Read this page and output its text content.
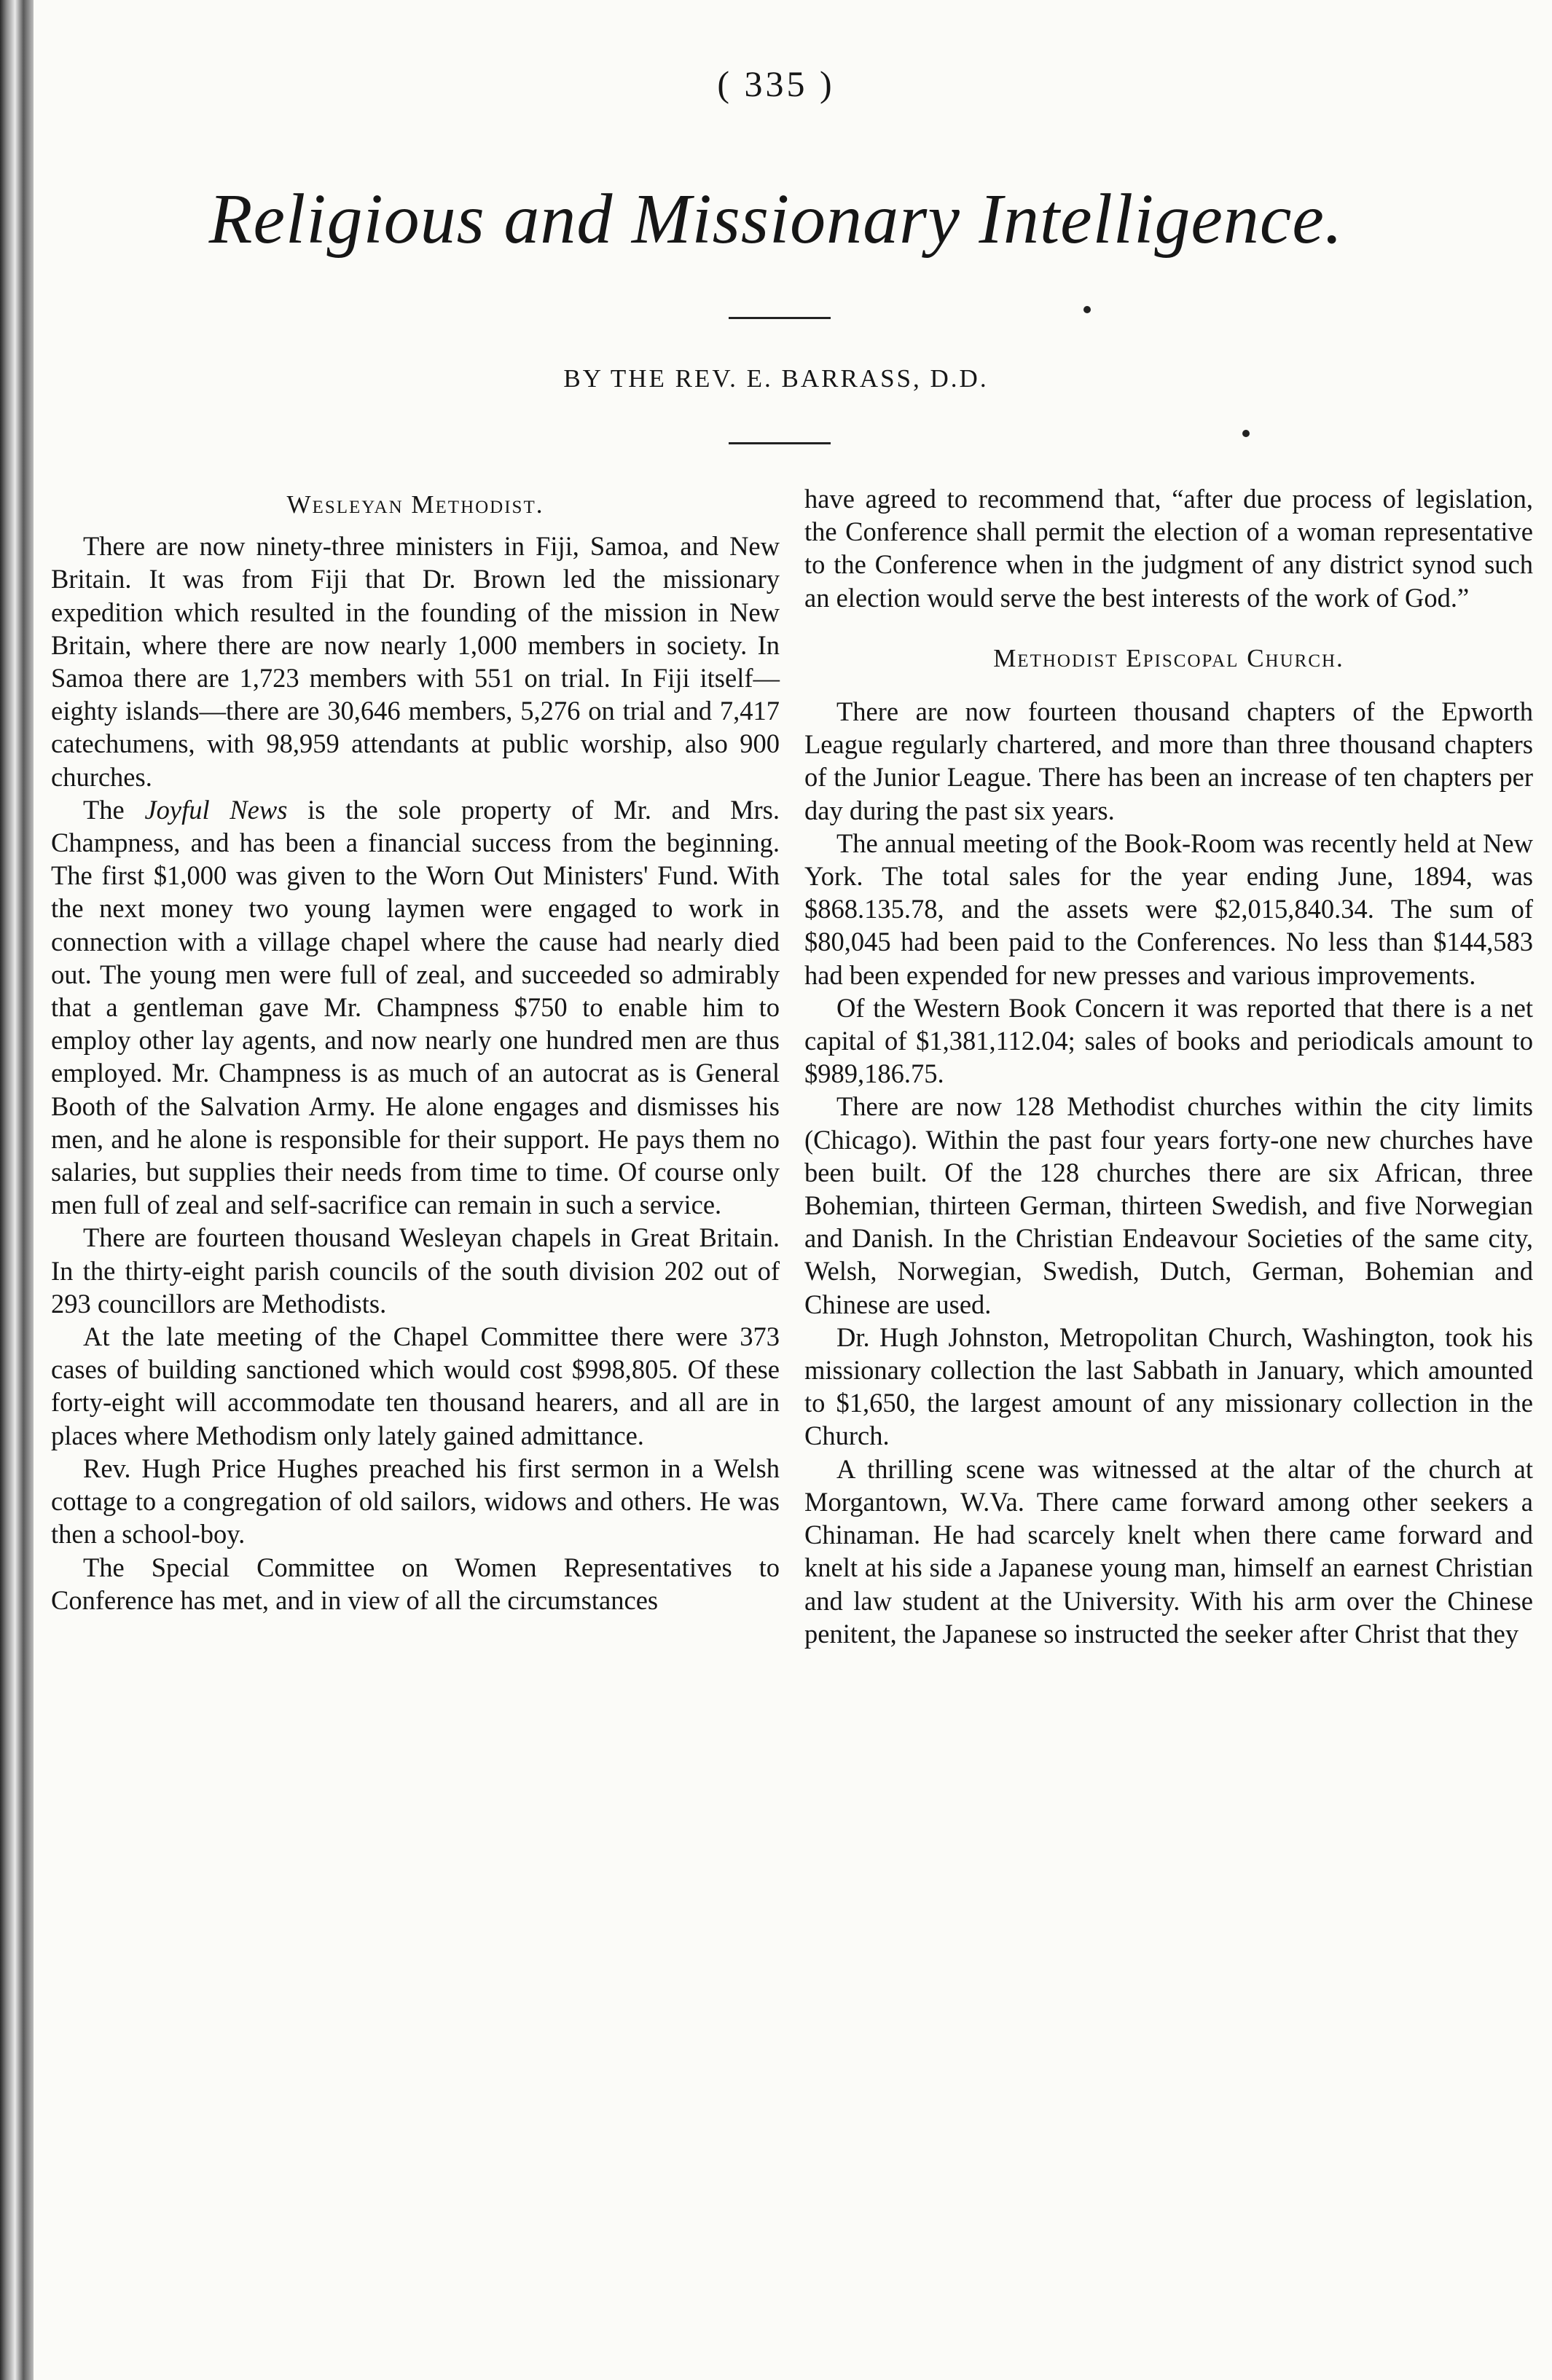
( 335 )
Religious and Missionary Intelligence.
BY THE REV. E. BARRASS, D.D.
Wesleyan Methodist.

There are now ninety-three ministers in Fiji, Samoa, and New Britain. It was from Fiji that Dr. Brown led the missionary expedition which resulted in the founding of the mission in New Britain, where there are now nearly 1,000 members in society. In Samoa there are 1,723 members with 551 on trial. In Fiji itself—eighty islands—there are 30,646 members, 5,276 on trial and 7,417 catechumens, with 98,959 attendants at public worship, also 900 churches.

The Joyful News is the sole property of Mr. and Mrs. Champness, and has been a financial success from the beginning. The first $1,000 was given to the Worn Out Ministers' Fund. With the next money two young laymen were engaged to work in connection with a village chapel where the cause had nearly died out. The young men were full of zeal, and succeeded so admirably that a gentleman gave Mr. Champness $750 to enable him to employ other lay agents, and now nearly one hundred men are thus employed. Mr. Champness is as much of an autocrat as is General Booth of the Salvation Army. He alone engages and dismisses his men, and he alone is responsible for their support. He pays them no salaries, but supplies their needs from time to time. Of course only men full of zeal and self-sacrifice can remain in such a service.

There are fourteen thousand Wesleyan chapels in Great Britain. In the thirty-eight parish councils of the south division 202 out of 293 councillors are Methodists.

At the late meeting of the Chapel Committee there were 373 cases of building sanctioned which would cost $998,805. Of these forty-eight will accommodate ten thousand hearers, and all are in places where Methodism only lately gained admittance.

Rev. Hugh Price Hughes preached his first sermon in a Welsh cottage to a congregation of old sailors, widows and others. He was then a school-boy.

The Special Committee on Women Representatives to Conference has met, and in view of all the circumstances

have agreed to recommend that, “after due process of legislation, the Conference shall permit the election of a woman representative to the Conference when in the judgment of any district synod such an election would serve the best interests of the work of God.”

Methodist Episcopal Church.

There are now fourteen thousand chapters of the Epworth League regularly chartered, and more than three thousand chapters of the Junior League. There has been an increase of ten chapters per day during the past six years.

The annual meeting of the Book-Room was recently held at New York. The total sales for the year ending June, 1894, was $868.135.78, and the assets were $2,015,840.34. The sum of $80,045 had been paid to the Conferences. No less than $144,583 had been expended for new presses and various improvements.

Of the Western Book Concern it was reported that there is a net capital of $1,381,112.04; sales of books and periodicals amount to $989,186.75.

There are now 128 Methodist churches within the city limits (Chicago). Within the past four years forty-one new churches have been built. Of the 128 churches there are six African, three Bohemian, thirteen German, thirteen Swedish, and five Norwegian and Danish. In the Christian Endeavour Societies of the same city, Welsh, Norwegian, Swedish, Dutch, German, Bohemian and Chinese are used.

Dr. Hugh Johnston, Metropolitan Church, Washington, took his missionary collection the last Sabbath in January, which amounted to $1,650, the largest amount of any missionary collection in the Church.

A thrilling scene was witnessed at the altar of the church at Morgantown, W.Va. There came forward among other seekers a Chinaman. He had scarcely knelt when there came forward and knelt at his side a Japanese young man, himself an earnest Christian and law student at the University. With his arm over the Chinese penitent, the Japanese so instructed the seeker after Christ that they
